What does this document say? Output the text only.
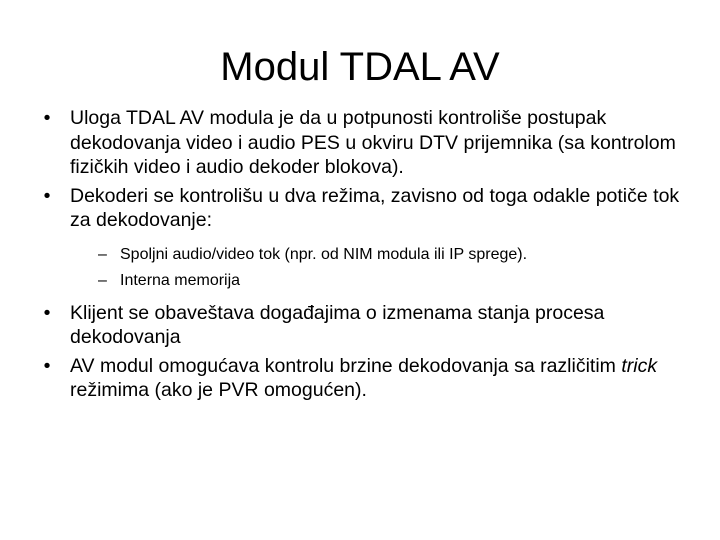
Modul TDAL AV
•	Uloga TDAL AV modula je da u potpunosti kontroliše postupak dekodovanja video i audio PES u okviru DTV prijemnika (sa kontrolom fizičkih video i audio dekoder blokova).
•	Dekoderi se kontrolišu u dva režima, zavisno od toga odakle potiče tok za dekodovanje:
– Spoljni audio/video tok (npr. od NIM modula ili IP sprege).
– Interna memorija
•	Klijent se obaveštava događajima o izmenama stanja procesa dekodovanja
•	AV modul omogućava kontrolu brzine dekodovanja sa različitim trick režimima (ako je PVR omogućen).
